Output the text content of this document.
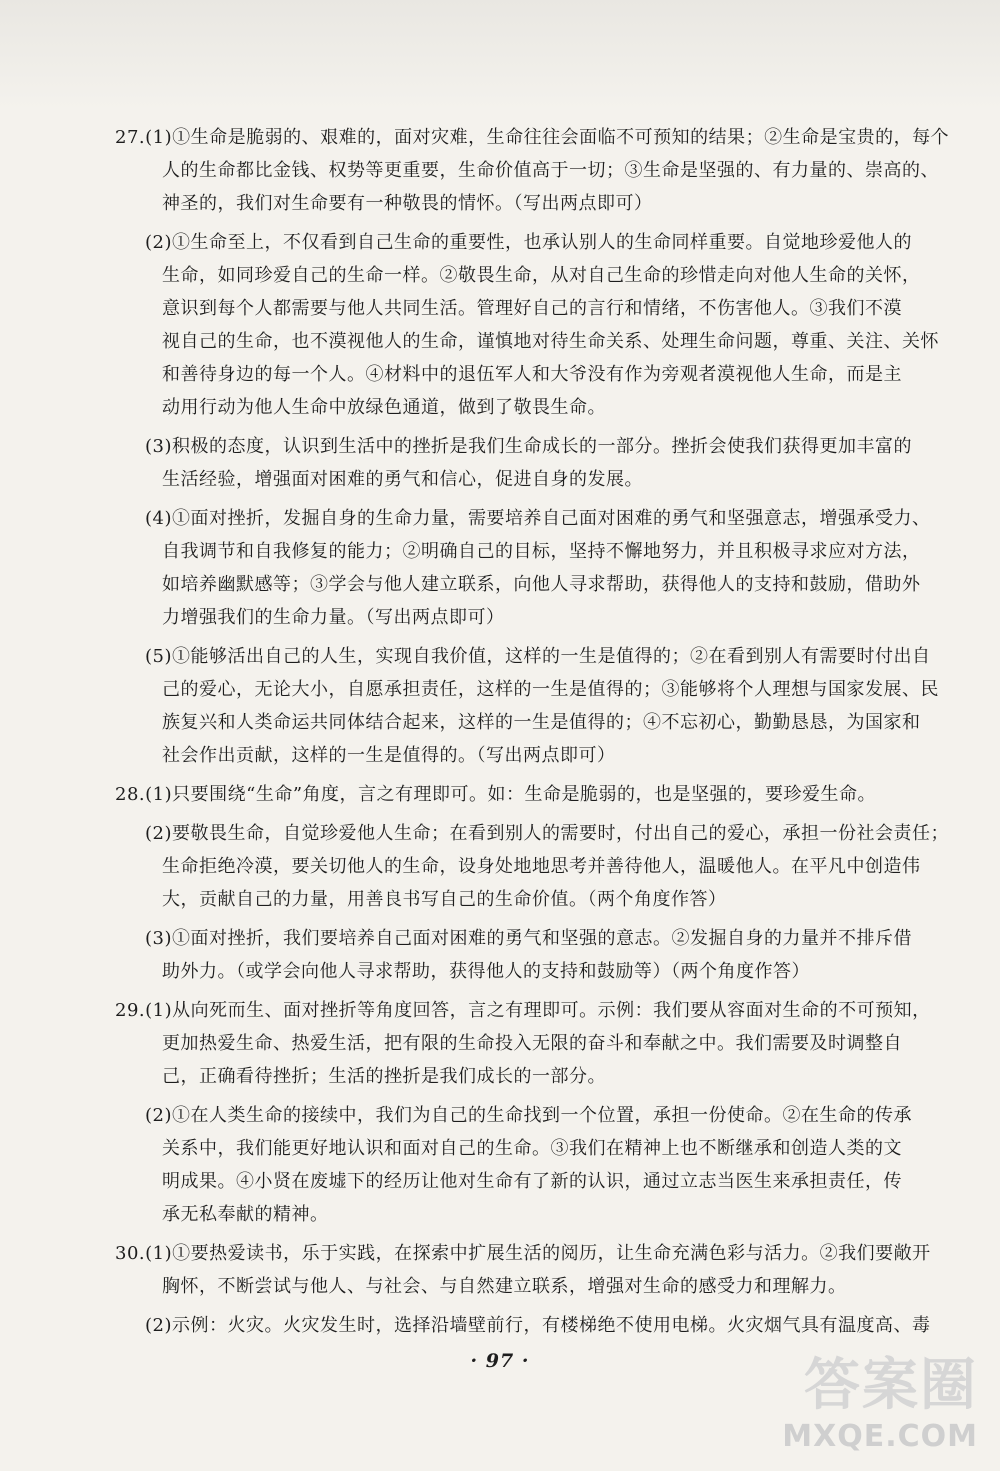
27.(1)①生命是脆弱的、艰难的，面对灾难，生命往往会面临不可预知的结果；②生命是宝贵的，每个
人的生命都比金钱、权势等更重要，生命价值高于一切；③生命是坚强的、有力量的、崇高的、
神圣的，我们对生命要有一种敬畏的情怀。（写出两点即可）
(2)①生命至上，不仅看到自己生命的重要性，也承认别人的生命同样重要。自觉地珍爱他人的
生命，如同珍爱自己的生命一样。②敬畏生命，从对自己生命的珍惜走向对他人生命的关怀，
意识到每个人都需要与他人共同生活。管理好自己的言行和情绪，不伤害他人。③我们不漠
视自己的生命，也不漠视他人的生命，谨慎地对待生命关系、处理生命问题，尊重、关注、关怀
和善待身边的每一个人。④材料中的退伍军人和大爷没有作为旁观者漠视他人生命，而是主
动用行动为他人生命中放绿色通道，做到了敬畏生命。
(3)积极的态度，认识到生活中的挫折是我们生命成长的一部分。挫折会使我们获得更加丰富的
生活经验，增强面对困难的勇气和信心，促进自身的发展。
(4)①面对挫折，发掘自身的生命力量，需要培养自己面对困难的勇气和坚强意志，增强承受力、
自我调节和自我修复的能力；②明确自己的目标，坚持不懈地努力，并且积极寻求应对方法，
如培养幽默感等；③学会与他人建立联系，向他人寻求帮助，获得他人的支持和鼓励，借助外
力增强我们的生命力量。（写出两点即可）
(5)①能够活出自己的人生，实现自我价值，这样的一生是值得的；②在看到别人有需要时付出自
己的爱心，无论大小，自愿承担责任，这样的一生是值得的；③能够将个人理想与国家发展、民
族复兴和人类命运共同体结合起来，这样的一生是值得的；④不忘初心，勤勤恳恳，为国家和
社会作出贡献，这样的一生是值得的。（写出两点即可）
28.(1)只要围绕“生命”角度，言之有理即可。如：生命是脆弱的，也是坚强的，要珍爱生命。
(2)要敬畏生命，自觉珍爱他人生命；在看到别人的需要时，付出自己的爱心，承担一份社会责任；
生命拒绝冷漠，要关切他人的生命，设身处地地思考并善待他人，温暖他人。在平凡中创造伟
大，贡献自己的力量，用善良书写自己的生命价值。（两个角度作答）
(3)①面对挫折，我们要培养自己面对困难的勇气和坚强的意志。②发掘自身的力量并不排斥借
助外力。（或学会向他人寻求帮助，获得他人的支持和鼓励等）（两个角度作答）
29.(1)从向死而生、面对挫折等角度回答，言之有理即可。示例：我们要从容面对生命的不可预知，
更加热爱生命、热爱生活，把有限的生命投入无限的奋斗和奉献之中。我们需要及时调整自
己，正确看待挫折；生活的挫折是我们成长的一部分。
(2)①在人类生命的接续中，我们为自己的生命找到一个位置，承担一份使命。②在生命的传承
关系中，我们能更好地认识和面对自己的生命。③我们在精神上也不断继承和创造人类的文
明成果。④小贤在废墟下的经历让他对生命有了新的认识，通过立志当医生来承担责任，传
承无私奉献的精神。
30.(1)①要热爱读书，乐于实践，在探索中扩展生活的阅历，让生命充满色彩与活力。②我们要敞开
胸怀，不断尝试与他人、与社会、与自然建立联系，增强对生命的感受力和理解力。
(2)示例：火灾。火灾发生时，选择沿墙壁前行，有楼梯绝不使用电梯。火灾烟气具有温度高、毒
· 97 ·	答案圈
MXQE.COM
